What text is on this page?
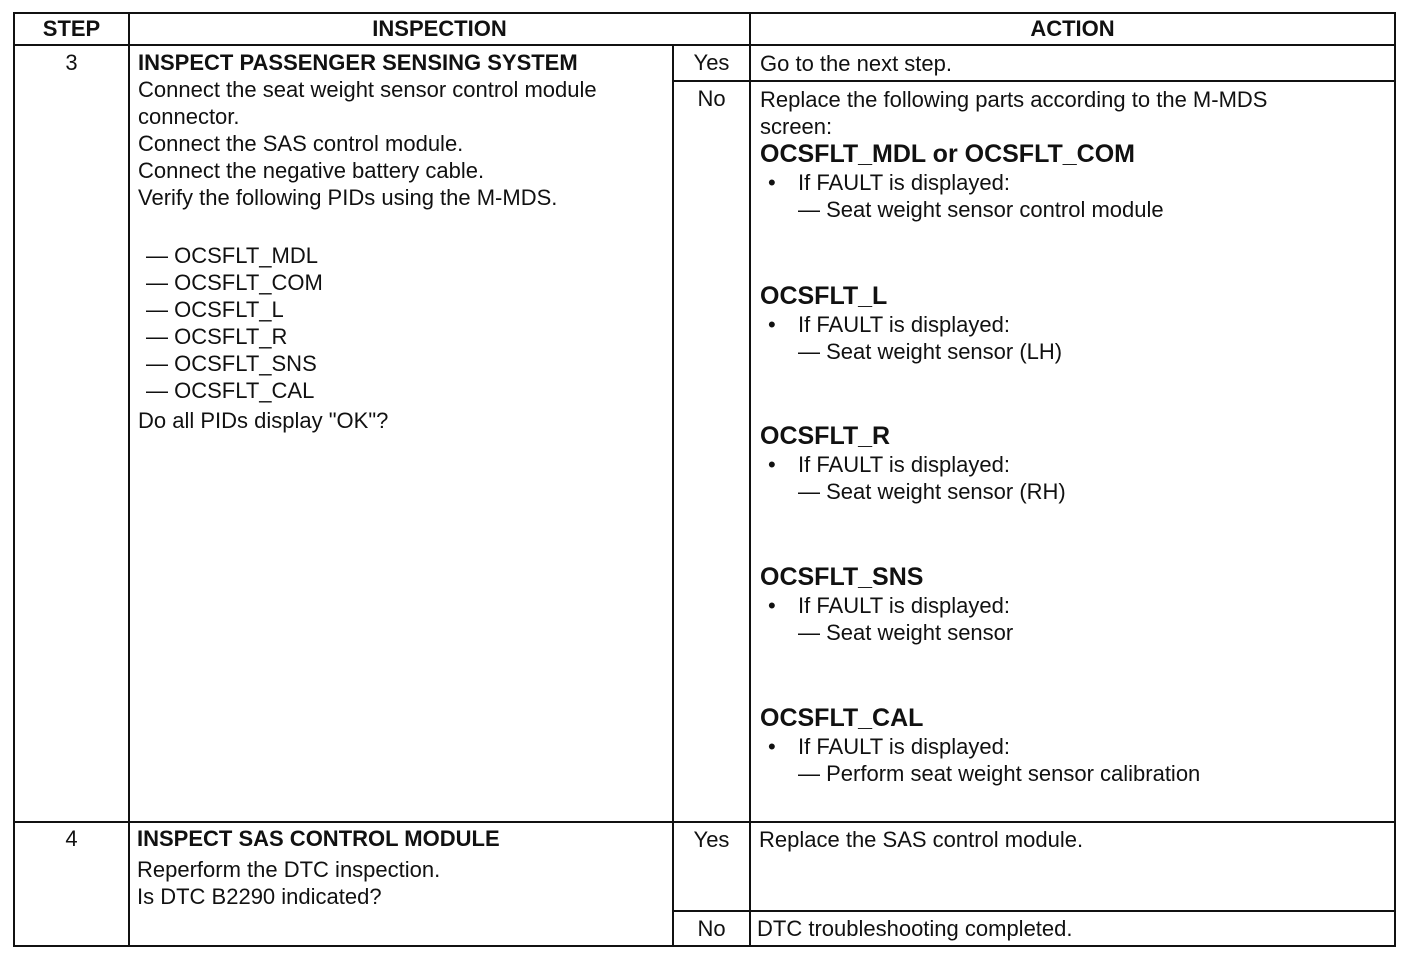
STEP	INSPECTION	ACTION
3	INSPECT PASSENGER SENSING SYSTEM
Connect the seat weight sensor control module
connector.
Connect the SAS control module.
Connect the negative battery cable.
Verify the following PIDs using the M-MDS.
— OCSFLT_MDL
— OCSFLT_COM
— OCSFLT_L
— OCSFLT_R
— OCSFLT_SNS
— OCSFLT_CAL
Do all PIDs display "OK"?
Yes	Go to the next step.
No	Replace the following parts according to the M-MDS
screen:
OCSFLT_MDL or OCSFLT_COM
• If FAULT is displayed:
— Seat weight sensor control module
OCSFLT_L
• If FAULT is displayed:
— Seat weight sensor (LH)
OCSFLT_R
• If FAULT is displayed:
— Seat weight sensor (RH)
OCSFLT_SNS
• If FAULT is displayed:
— Seat weight sensor
OCSFLT_CAL
• If FAULT is displayed:
— Perform seat weight sensor calibration
4	INSPECT SAS CONTROL MODULE
Reperform the DTC inspection.
Is DTC B2290 indicated?
Yes	Replace the SAS control module.
No	DTC troubleshooting completed.
